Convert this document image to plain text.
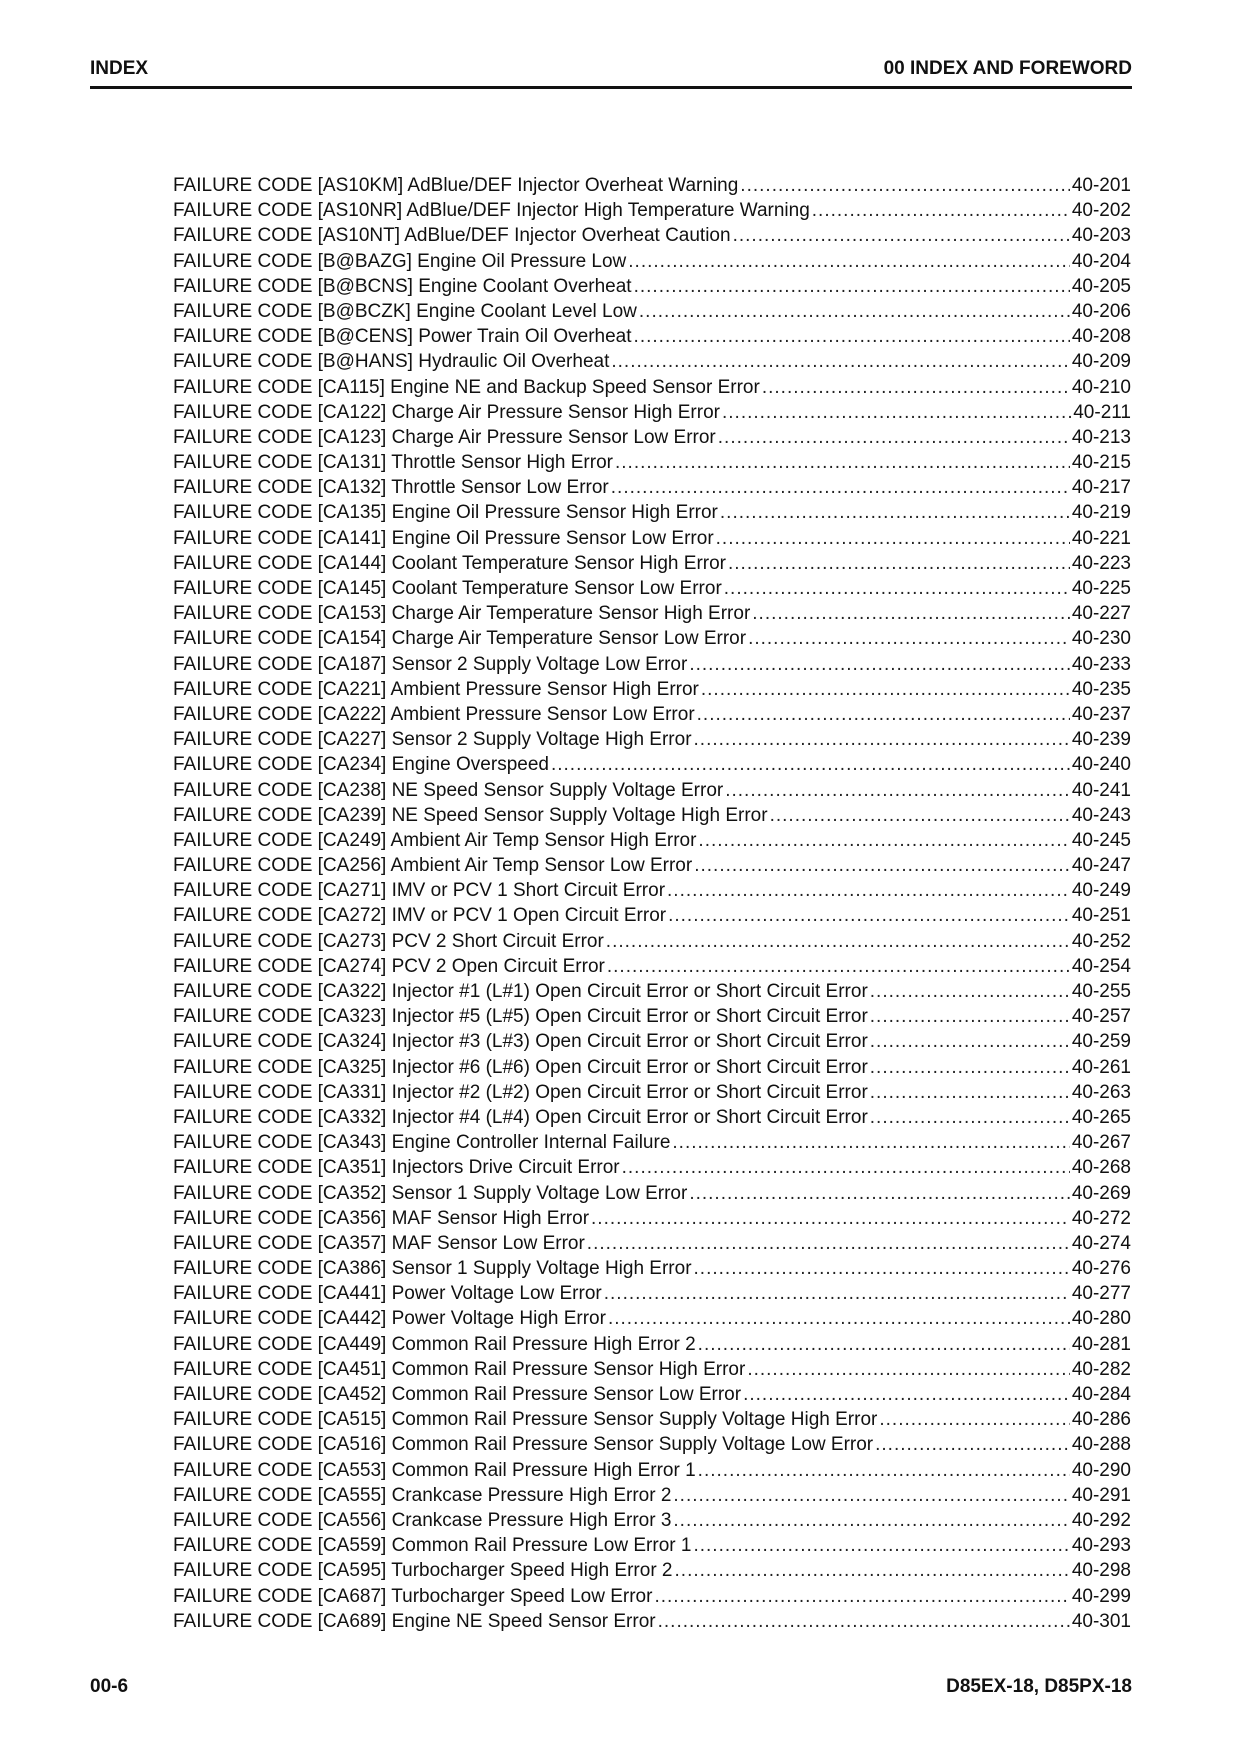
INDEX	00 INDEX AND FOREWORD
FAILURE CODE [AS10KM] AdBlue/DEF Injector Overheat Warning .....	40-201
FAILURE CODE [AS10NR] AdBlue/DEF Injector High Temperature Warning .....	40-202
FAILURE CODE [AS10NT] AdBlue/DEF Injector Overheat Caution .....	40-203
FAILURE CODE [B@BAZG] Engine Oil Pressure Low .....	40-204
FAILURE CODE [B@BCNS] Engine Coolant Overheat .....	40-205
FAILURE CODE [B@BCZK] Engine Coolant Level Low .....	40-206
FAILURE CODE [B@CENS] Power Train Oil Overheat .....	40-208
FAILURE CODE [B@HANS] Hydraulic Oil Overheat .....	40-209
FAILURE CODE [CA115] Engine NE and Backup Speed Sensor Error .....	40-210
FAILURE CODE [CA122] Charge Air Pressure Sensor High Error .....	40-211
FAILURE CODE [CA123] Charge Air Pressure Sensor Low Error .....	40-213
FAILURE CODE [CA131] Throttle Sensor High Error .....	40-215
FAILURE CODE [CA132] Throttle Sensor Low Error .....	40-217
FAILURE CODE [CA135] Engine Oil Pressure Sensor High Error .....	40-219
FAILURE CODE [CA141] Engine Oil Pressure Sensor Low Error .....	40-221
FAILURE CODE [CA144] Coolant Temperature Sensor High Error .....	40-223
FAILURE CODE [CA145] Coolant Temperature Sensor Low Error .....	40-225
FAILURE CODE [CA153] Charge Air Temperature Sensor High Error .....	40-227
FAILURE CODE [CA154] Charge Air Temperature Sensor Low Error .....	40-230
FAILURE CODE [CA187] Sensor 2 Supply Voltage Low Error .....	40-233
FAILURE CODE [CA221] Ambient Pressure Sensor High Error .....	40-235
FAILURE CODE [CA222] Ambient Pressure Sensor Low Error .....	40-237
FAILURE CODE [CA227] Sensor 2 Supply Voltage High Error .....	40-239
FAILURE CODE [CA234] Engine Overspeed .....	40-240
FAILURE CODE [CA238] NE Speed Sensor Supply Voltage Error .....	40-241
FAILURE CODE [CA239] NE Speed Sensor Supply Voltage High Error .....	40-243
FAILURE CODE [CA249] Ambient Air Temp Sensor High Error .....	40-245
FAILURE CODE [CA256] Ambient Air Temp Sensor Low Error .....	40-247
FAILURE CODE [CA271] IMV or PCV 1 Short Circuit Error .....	40-249
FAILURE CODE [CA272] IMV or PCV 1 Open Circuit Error .....	40-251
FAILURE CODE [CA273] PCV 2 Short Circuit Error .....	40-252
FAILURE CODE [CA274] PCV 2 Open Circuit Error .....	40-254
FAILURE CODE [CA322] Injector #1 (L#1) Open Circuit Error or Short Circuit Error .....	40-255
FAILURE CODE [CA323] Injector #5 (L#5) Open Circuit Error or Short Circuit Error .....	40-257
FAILURE CODE [CA324] Injector #3 (L#3) Open Circuit Error or Short Circuit Error .....	40-259
FAILURE CODE [CA325] Injector #6 (L#6) Open Circuit Error or Short Circuit Error .....	40-261
FAILURE CODE [CA331] Injector #2 (L#2) Open Circuit Error or Short Circuit Error .....	40-263
FAILURE CODE [CA332] Injector #4 (L#4) Open Circuit Error or Short Circuit Error .....	40-265
FAILURE CODE [CA343] Engine Controller Internal Failure .....	40-267
FAILURE CODE [CA351] Injectors Drive Circuit Error .....	40-268
FAILURE CODE [CA352] Sensor 1 Supply Voltage Low Error .....	40-269
FAILURE CODE [CA356] MAF Sensor High Error .....	40-272
FAILURE CODE [CA357] MAF Sensor Low Error .....	40-274
FAILURE CODE [CA386] Sensor 1 Supply Voltage High Error .....	40-276
FAILURE CODE [CA441] Power Voltage Low Error .....	40-277
FAILURE CODE [CA442] Power Voltage High Error .....	40-280
FAILURE CODE [CA449] Common Rail Pressure High Error 2 .....	40-281
FAILURE CODE [CA451] Common Rail Pressure Sensor High Error .....	40-282
FAILURE CODE [CA452] Common Rail Pressure Sensor Low Error .....	40-284
FAILURE CODE [CA515] Common Rail Pressure Sensor Supply Voltage High Error .....	40-286
FAILURE CODE [CA516] Common Rail Pressure Sensor Supply Voltage Low Error .....	40-288
FAILURE CODE [CA553] Common Rail Pressure High Error 1 .....	40-290
FAILURE CODE [CA555] Crankcase Pressure High Error 2 .....	40-291
FAILURE CODE [CA556] Crankcase Pressure High Error 3 .....	40-292
FAILURE CODE [CA559] Common Rail Pressure Low Error 1 .....	40-293
FAILURE CODE [CA595] Turbocharger Speed High Error 2 .....	40-298
FAILURE CODE [CA687] Turbocharger Speed Low Error .....	40-299
FAILURE CODE [CA689] Engine NE Speed Sensor Error .....	40-301
00-6	D85EX-18, D85PX-18
